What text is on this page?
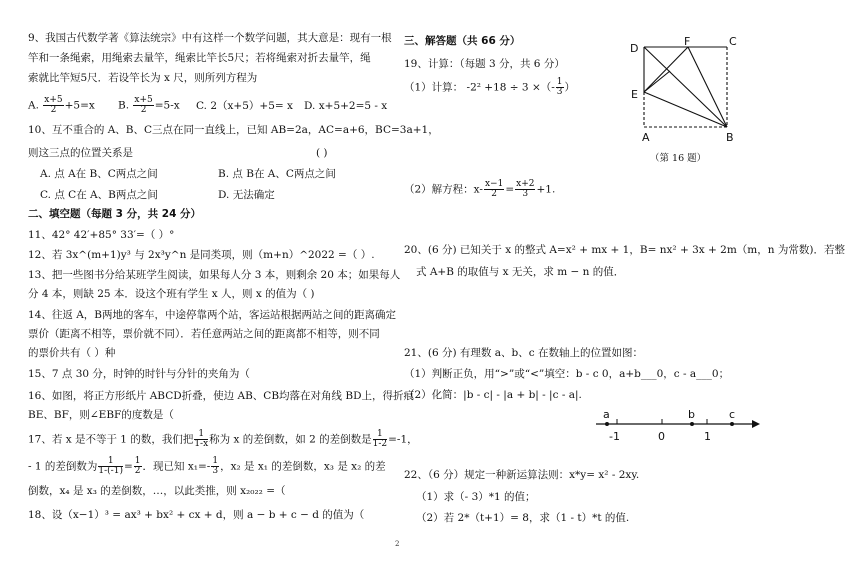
9、我国古代数学著《算法统宗》中有这样一个数学问题，其大意是：现有一根
竿和一条绳索，用绳索去量竿，绳索比竿长5尺；若将绳索对折去量竿，绳
索就比竿短5尺．若设竿长为 x 尺，则所列方程为
A. $\frac{x+5}{2} +5=x$ B. $\frac{x+5}{2} =5-x$ C. 2（x+5）+5= x D. x+5+2=5 - x
10、互不重合的 A、B、C三点在同一直线上，已知 AB=2a，AC=a+6，BC=3a+1，
则这三点的位置关系是	( )
A. 点 A在 B、C两点之间	B. 点 B在 A、C两点之间
C. 点 C在 A、B两点之间	D. 无法确定
二、填空题（每题 3 分，共 24 分）
11、42° 42′+85° 33′=（ ）°
12、若 3x^(m+1)y³ 与 2x³y^n 是同类项，则（m+n）^2022 =（ ）.
13、把一些图书分给某班学生阅读，如果每人分 3 本，则剩余 20 本；如果每人
分 4 本，则缺 25 本．设这个班有学生 x 人，则 x 的值为（ )
14、往返 A，B两地的客车，中途停靠两个站，客运站根据两站之间的距离确定
票价（距离不相等，票价就不同）．若任意两站之间的距离都不相等，则不同
的票价共有（ ）种
15、7 点 30 分，时钟的时针与分针的夹角为（
16、如图，将正方形纸片 ABCD折叠，使边 AB、CB均落在对角线 BD上，得折痕
BE、BF，则∠EBF的度数是（
17、若 x 是不等于 1 的数，我们把 $\frac{1}{1-x}$ 称为 x 的差倒数，如 2 的差倒数是 $\frac{1}{1-2} =-1$，
- 1 的差倒数为 $\frac{1}{1-(-1)} = \frac{1}{2}$ ．现已知 $x_1=- \frac{1}{3}$ ，x₂ 是 x₁ 的差倒数，x₃ 是 x₂ 的差
倒数，x₄ 是 x₃ 的差倒数，…，以此类推，则 x₂₀₂₂ =（
18、设（x−1）³ = ax³ + bx² + cx + d，则 a − b + c − d 的值为（
三、解答题（共 66 分）
19、计算：（每题 3 分，共 6 分）
（1）计算： -2² +18 ÷ 3 ×（- $\frac{1}{3}$ ）
（2）解方程：$x- \frac{x-1}{2} = \frac{x+2}{3} +1$.
D
F	C
E
A	B
（第 16 题）
20、(6 分) 已知关于 x 的整式 A=x² + mx + 1，B= nx² + 3x + 2m（m，n 为常数)．若整
式 A+B 的取值与 x 无关，求 m − n 的值．
21、(6 分) 有理数 a、b、c 在数轴上的位置如图：
（1）判断正负，用“>”或“<”填空：b - c 0，a+b___0，c - a___0；
（2）化简：|b - c| - |a + b| - |c - a|.
a	b	c
-1	0	1
22、（6 分）规定一种新运算法则：x*y= x² - 2xy.
（1）求（- 3）*1 的值；
（2）若 2*（t+1）= 8，求（1 - t）*t 的值.
2
